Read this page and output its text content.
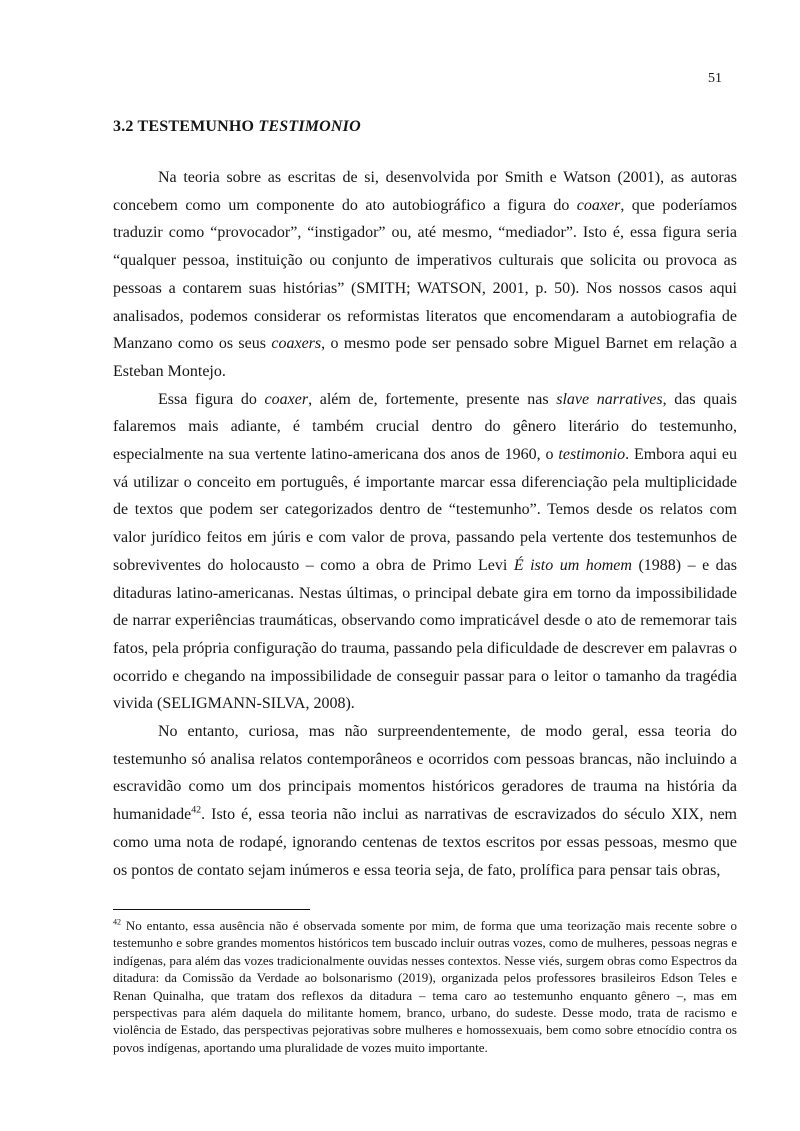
51
3.2 TESTEMUNHO TESTIMONIO

Na teoria sobre as escritas de si, desenvolvida por Smith e Watson (2001), as autoras concebem como um componente do ato autobiográfico a figura do coaxer, que poderíamos traduzir como “provocador”, “instigador” ou, até mesmo, “mediador”. Isto é, essa figura seria “qualquer pessoa, instituição ou conjunto de imperativos culturais que solicita ou provoca as pessoas a contarem suas histórias” (SMITH; WATSON, 2001, p. 50). Nos nossos casos aqui analisados, podemos considerar os reformistas literatos que encomendaram a autobiografia de Manzano como os seus coaxers, o mesmo pode ser pensado sobre Miguel Barnet em relação a Esteban Montejo.

Essa figura do coaxer, além de, fortemente, presente nas slave narratives, das quais falaremos mais adiante, é também crucial dentro do gênero literário do testemunho, especialmente na sua vertente latino-americana dos anos de 1960, o testimonio. Embora aqui eu vá utilizar o conceito em português, é importante marcar essa diferenciação pela multiplicidade de textos que podem ser categorizados dentro de “testemunho”. Temos desde os relatos com valor jurídico feitos em júris e com valor de prova, passando pela vertente dos testemunhos de sobreviventes do holocausto – como a obra de Primo Levi É isto um homem (1988) – e das ditaduras latino-americanas. Nestas últimas, o principal debate gira em torno da impossibilidade de narrar experiências traumáticas, observando como impraticável desde o ato de rememorar tais fatos, pela própria configuração do trauma, passando pela dificuldade de descrever em palavras o ocorrido e chegando na impossibilidade de conseguir passar para o leitor o tamanho da tragédia vivida (SELIGMANN-SILVA, 2008).

No entanto, curiosa, mas não surpreendentemente, de modo geral, essa teoria do testemunho só analisa relatos contemporâneos e ocorridos com pessoas brancas, não incluindo a escravidão como um dos principais momentos históricos geradores de trauma na história da humanidade$^{42}$. Isto é, essa teoria não inclui as narrativas de escravizados do século XIX, nem como uma nota de rodapé, ignorando centenas de textos escritos por essas pessoas, mesmo que os pontos de contato sejam inúmeros e essa teoria seja, de fato, prolífica para pensar tais obras,

$^{42}$ No entanto, essa ausência não é observada somente por mim, de forma que uma teorização mais recente sobre o testemunho e sobre grandes momentos históricos tem buscado incluir outras vozes, como de mulheres, pessoas negras e indígenas, para além das vozes tradicionalmente ouvidas nesses contextos. Nesse viés, surgem obras como Espectros da ditadura: da Comissão da Verdade ao bolsonarismo (2019), organizada pelos professores brasileiros Edson Teles e Renan Quinalha, que tratam dos reflexos da ditadura – tema caro ao testemunho enquanto gênero –, mas em perspectivas para além daquela do militante homem, branco, urbano, do sudeste. Desse modo, trata de racismo e violência de Estado, das perspectivas pejorativas sobre mulheres e homossexuais, bem como sobre etnocídio contra os povos indígenas, aportando uma pluralidade de vozes muito importante.
